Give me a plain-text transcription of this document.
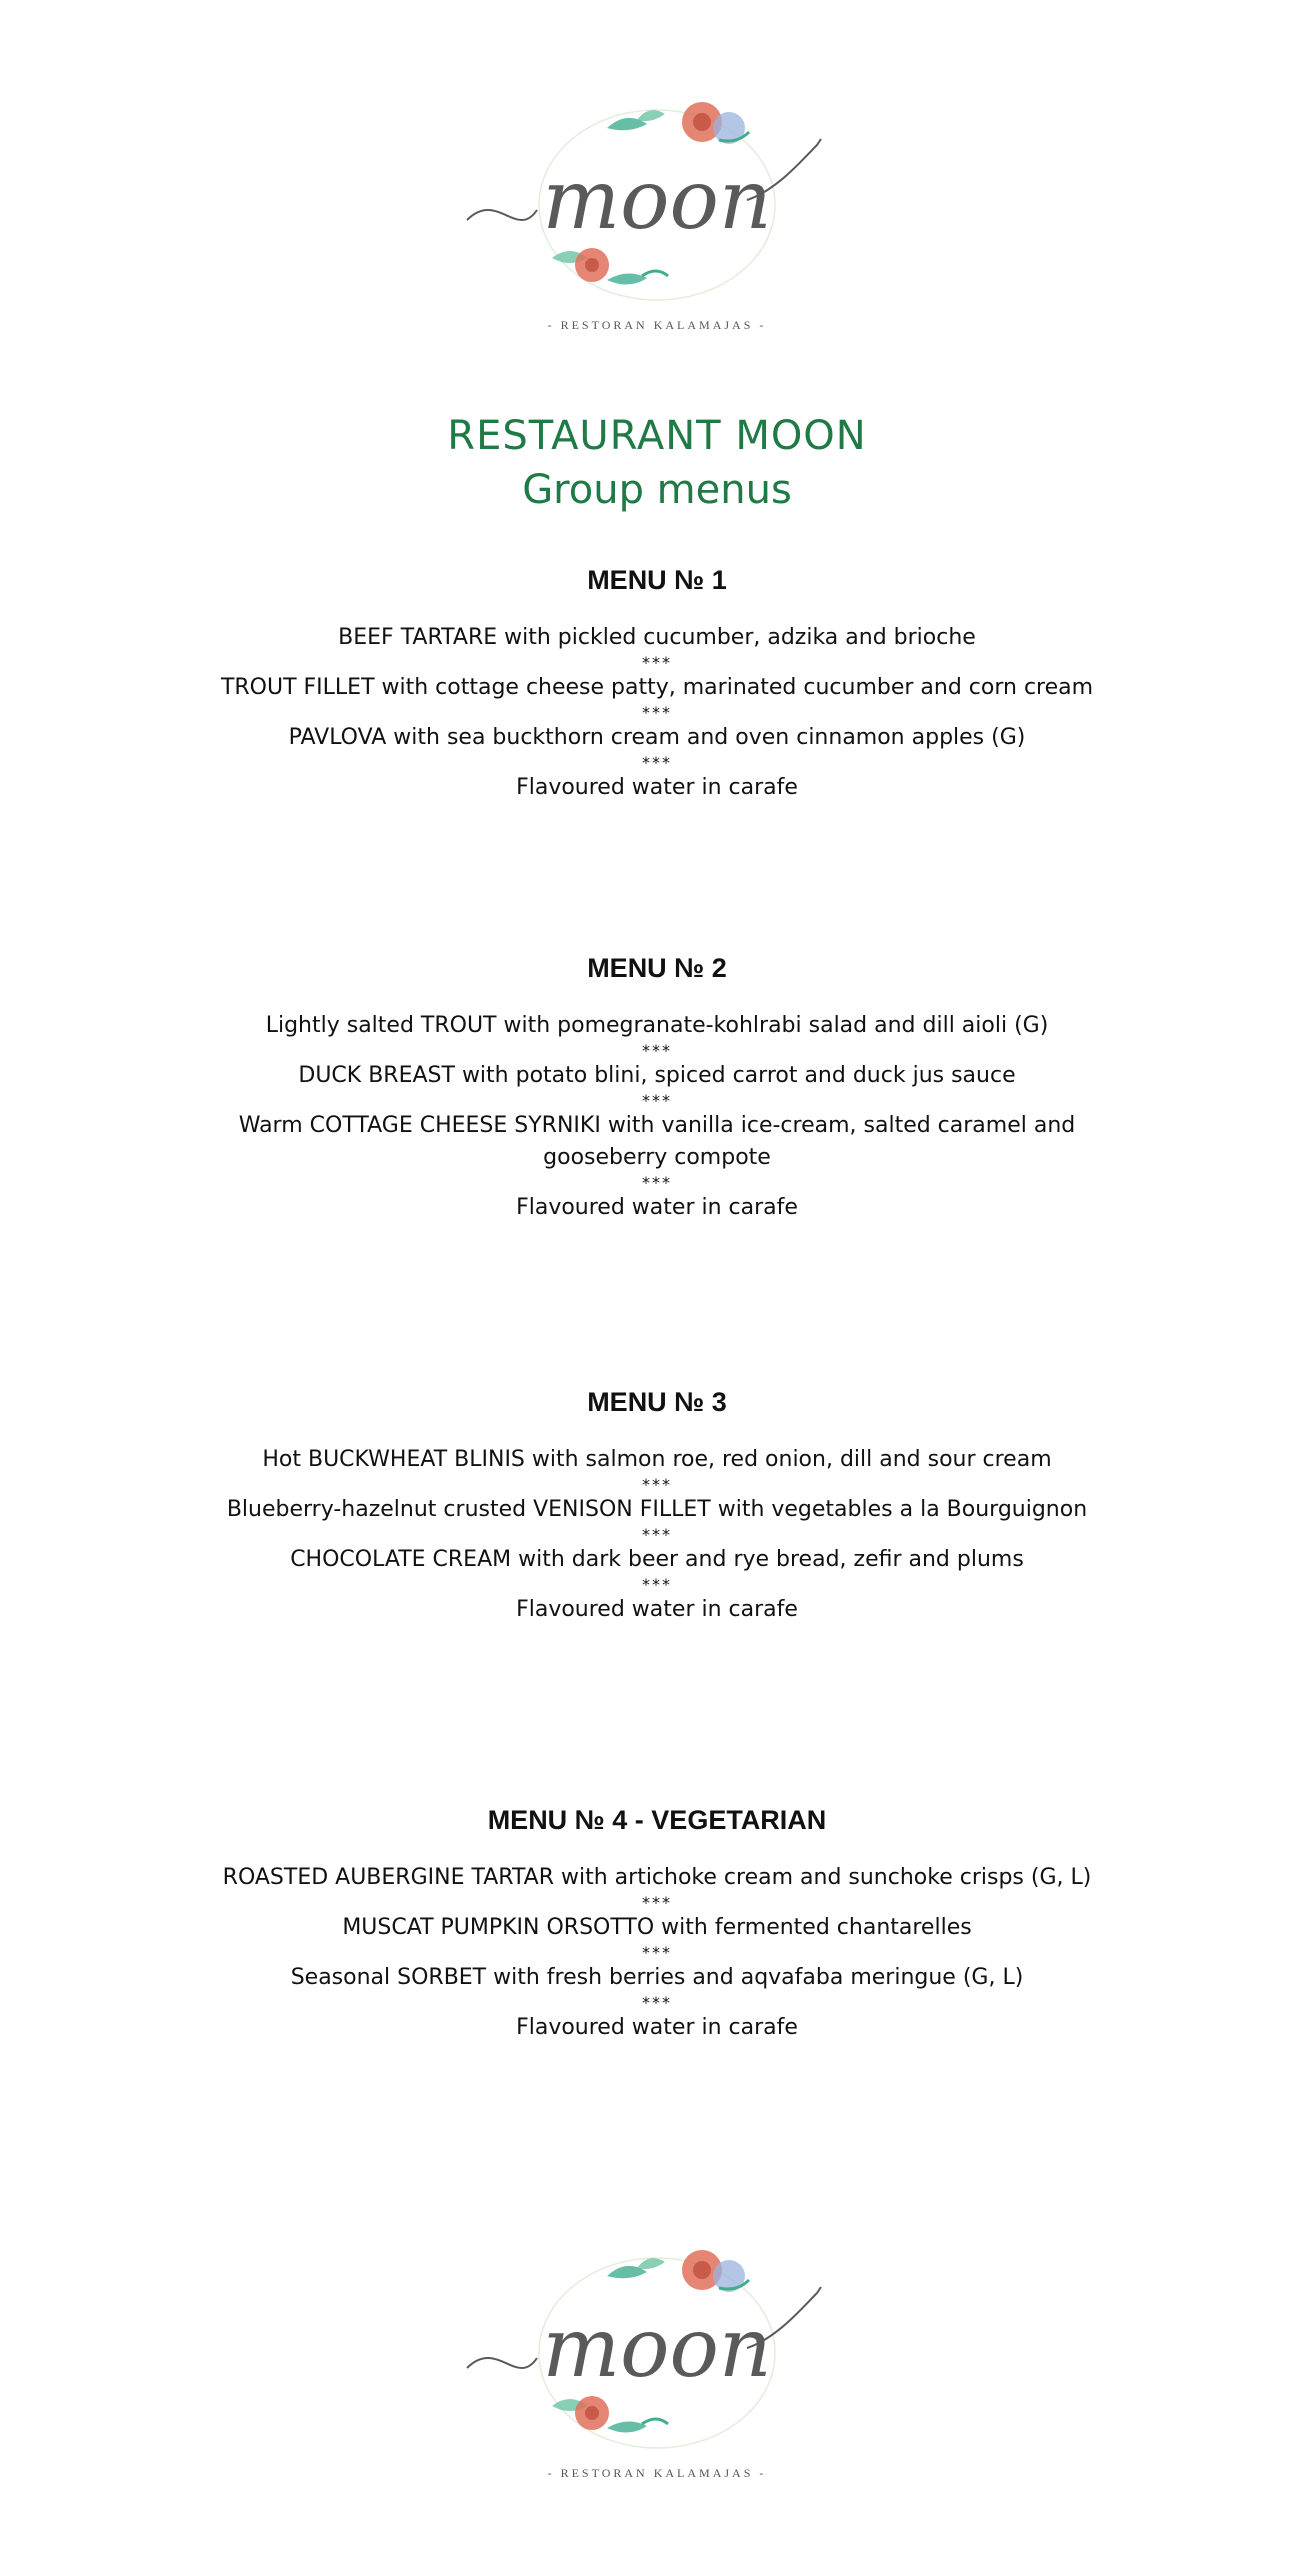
moon
- RESTORAN KALAMAJAS -
RESTAURANT MOON
Group menus
MENU № 1
BEEF TARTARE with pickled cucumber, adzika and brioche
***
TROUT FILLET with cottage cheese patty, marinated cucumber and corn cream
***
PAVLOVA with sea buckthorn cream and oven cinnamon apples (G)
***
Flavoured water in carafe
MENU № 2
Lightly salted TROUT with pomegranate-kohlrabi salad and dill aioli (G)
***
DUCK BREAST with potato blini, spiced carrot and duck jus sauce
***
Warm COTTAGE CHEESE SYRNIKI with vanilla ice-cream, salted caramel and gooseberry compote
***
Flavoured water in carafe
MENU № 3
Hot BUCKWHEAT BLINIS with salmon roe, red onion, dill and sour cream
***
Blueberry-hazelnut crusted VENISON FILLET with vegetables a la Bourguignon
***
CHOCOLATE CREAM with dark beer and rye bread, zefir and plums
***
Flavoured water in carafe
MENU № 4 - VEGETARIAN
ROASTED AUBERGINE TARTAR with artichoke cream and sunchoke crisps (G, L)
***
MUSCAT PUMPKIN ORSOTTO with fermented chantarelles
***
Seasonal SORBET with fresh berries and aqvafaba meringue (G, L)
***
Flavoured water in carafe
moon
- RESTORAN KALAMAJAS -
